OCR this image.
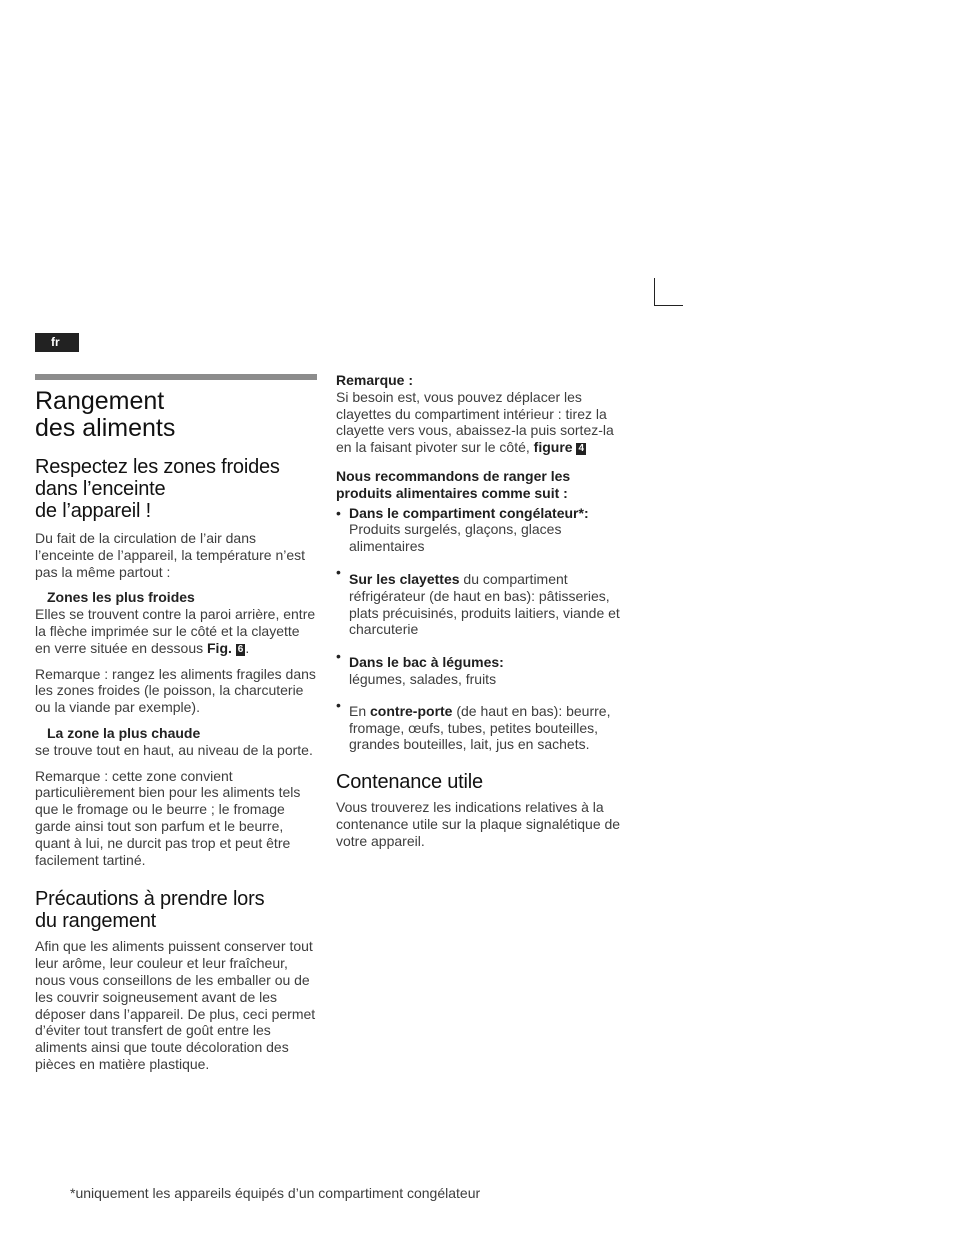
fr
Rangement
des aliments
Respectez les zones froides
dans l’enceinte
de l’appareil !

Du fait de la circulation de l’air dans l’enceinte de l’appareil, la température n’est pas la même partout :

Zones les plus froides

Elles se trouvent contre la paroi arrière, entre la flèche imprimée sur le côté et la clayette en verre située en dessous Fig. 6 .

Remarque : rangez les aliments fragiles dans les zones froides (le poisson, la charcuterie ou la viande par exemple).

La zone la plus chaude

se trouve tout en haut, au niveau de la porte.

Remarque : cette zone convient particulièrement bien pour les aliments tels que le fromage ou le beurre ; le fromage garde ainsi tout son parfum et le beurre, quant à lui, ne durcit pas trop et peut être facilement tartiné.

Précautions à prendre lors
du rangement

Afin que les aliments puissent conserver tout leur arôme, leur couleur et leur fraîcheur, nous vous conseillons de les emballer ou de les couvrir soigneusement avant de les déposer dans l’appareil. De plus, ceci permet d’éviter tout transfert de goût entre les aliments ainsi que toute décoloration des pièces en matière plastique.

Remarque :

Si besoin est, vous pouvez déplacer les clayettes du compartiment intérieur : tirez la clayette vers vous, abaissez-la puis sortez-la en la faisant pivoter sur le côté, figure 4

Nous recommandons de ranger les
produits alimentaires comme suit :
• Dans le compartiment congélateur*:
Produits surgelés, glaçons, glaces alimentaires
• Sur les clayettes du compartiment réfrigérateur (de haut en bas): pâtisseries, plats précuisinés, produits laitiers, viande et charcuterie
• Dans le bac à légumes:
légumes, salades, fruits
• En contre-porte (de haut en bas): beurre, fromage, œufs, tubes, petites bouteilles, grandes bouteilles, lait, jus en sachets.
Contenance utile

Vous trouverez les indications relatives à la contenance utile sur la plaque signalétique de votre appareil.

*uniquement les appareils équipés d’un compartiment congélateur
